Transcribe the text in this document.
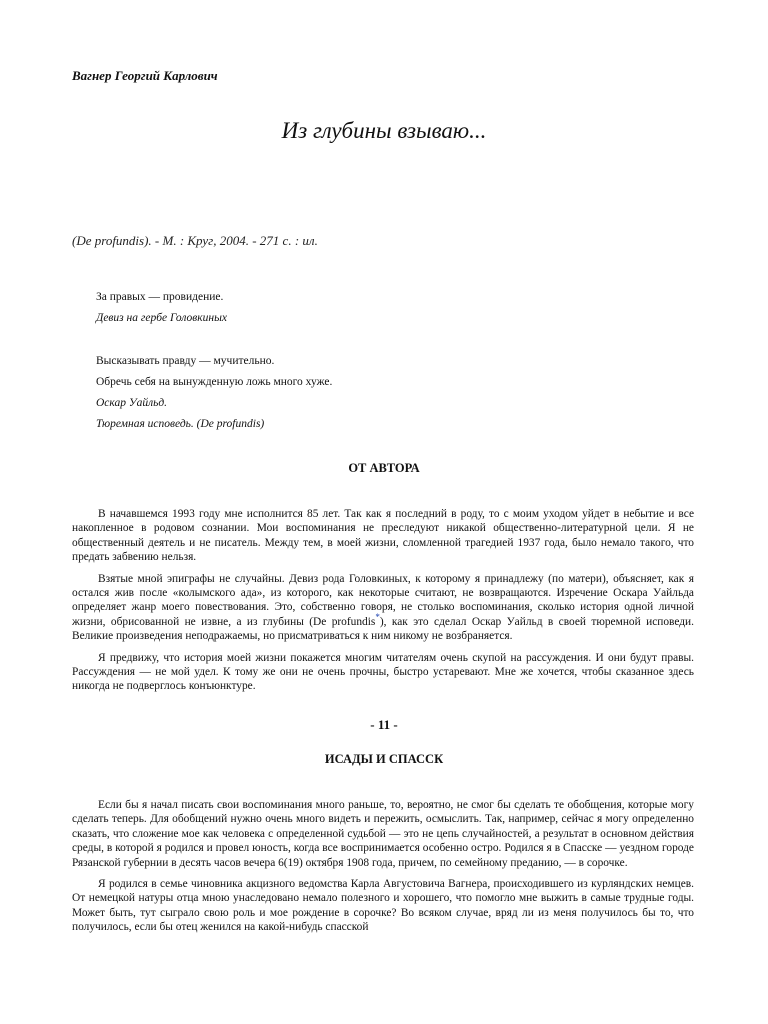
Вагнер Георгий Карлович

Из глубины взываю...

(De profundis). - М. : Круг, 2004. - 271 с. : ил.

За правых — провидение.

Девиз на гербе Головкиных

Высказывать правду — мучительно.

Обречь себя на вынужденную ложь много хуже.

Оскар Уайльд.

Тюремная исповедь. (De profundis)

ОТ АВТОРА

В начавшемся 1993 году мне исполнится 85 лет. Так как я последний в роду, то с моим уходом уйдет в небытие и все накопленное в родовом сознании. Мои воспоминания не преследуют никакой общественно-литературной цели. Я не общественный деятель и не писатель. Между тем, в моей жизни, сломленной трагедией 1937 года, было немало такого, что предать забвению нельзя.

Взятые мной эпиграфы не случайны. Девиз рода Головкиных, к которому я принадлежу (по матери), объясняет, как я остался жив после «колымского ада», из которого, как некоторые считают, не возвращаются. Изречение Оскара Уайльда определяет жанр моего повествования. Это, собственно говоря, не столько воспоминания, сколько история одной личной жизни, обрисованной не извне, а из глубины (De profundis*), как это сделал Оскар Уайльд в своей тюремной исповеди. Великие произведения неподражаемы, но присматриваться к ним никому не возбраняется.

Я предвижу, что история моей жизни покажется многим читателям очень скупой на рассуждения. И они будут правы. Рассуждения — не мой удел. К тому же они не очень прочны, быстро устаревают. Мне же хочется, чтобы сказанное здесь никогда не подверглось конъюнктуре.

- 11 -

ИСАДЫ И СПАССК

Если бы я начал писать свои воспоминания много раньше, то, вероятно, не смог бы сделать те обобщения, которые могу сделать теперь. Для обобщений нужно очень много видеть и пережить, осмыслить. Так, например, сейчас я могу определенно сказать, что сложение мое как человека с определенной судьбой — это не цепь случайностей, а результат в основном действия среды, в которой я родился и провел юность, когда все воспринимается особенно остро. Родился я в Спасске — уездном городе Рязанской губернии в десять часов вечера 6(19) октября 1908 года, причем, по семейному преданию, — в сорочке.

Я родился в семье чиновника акцизного ведомства Карла Августовича Вагнера, происходившего из курляндских немцев. От немецкой натуры отца мною унаследовано немало полезного и хорошего, что помогло мне выжить в самые трудные годы. Может быть, тут сыграло свою роль и мое рождение в сорочке? Во всяком случае, вряд ли из меня получилось бы то, что получилось, если бы отец женился на какой-нибудь спасской
